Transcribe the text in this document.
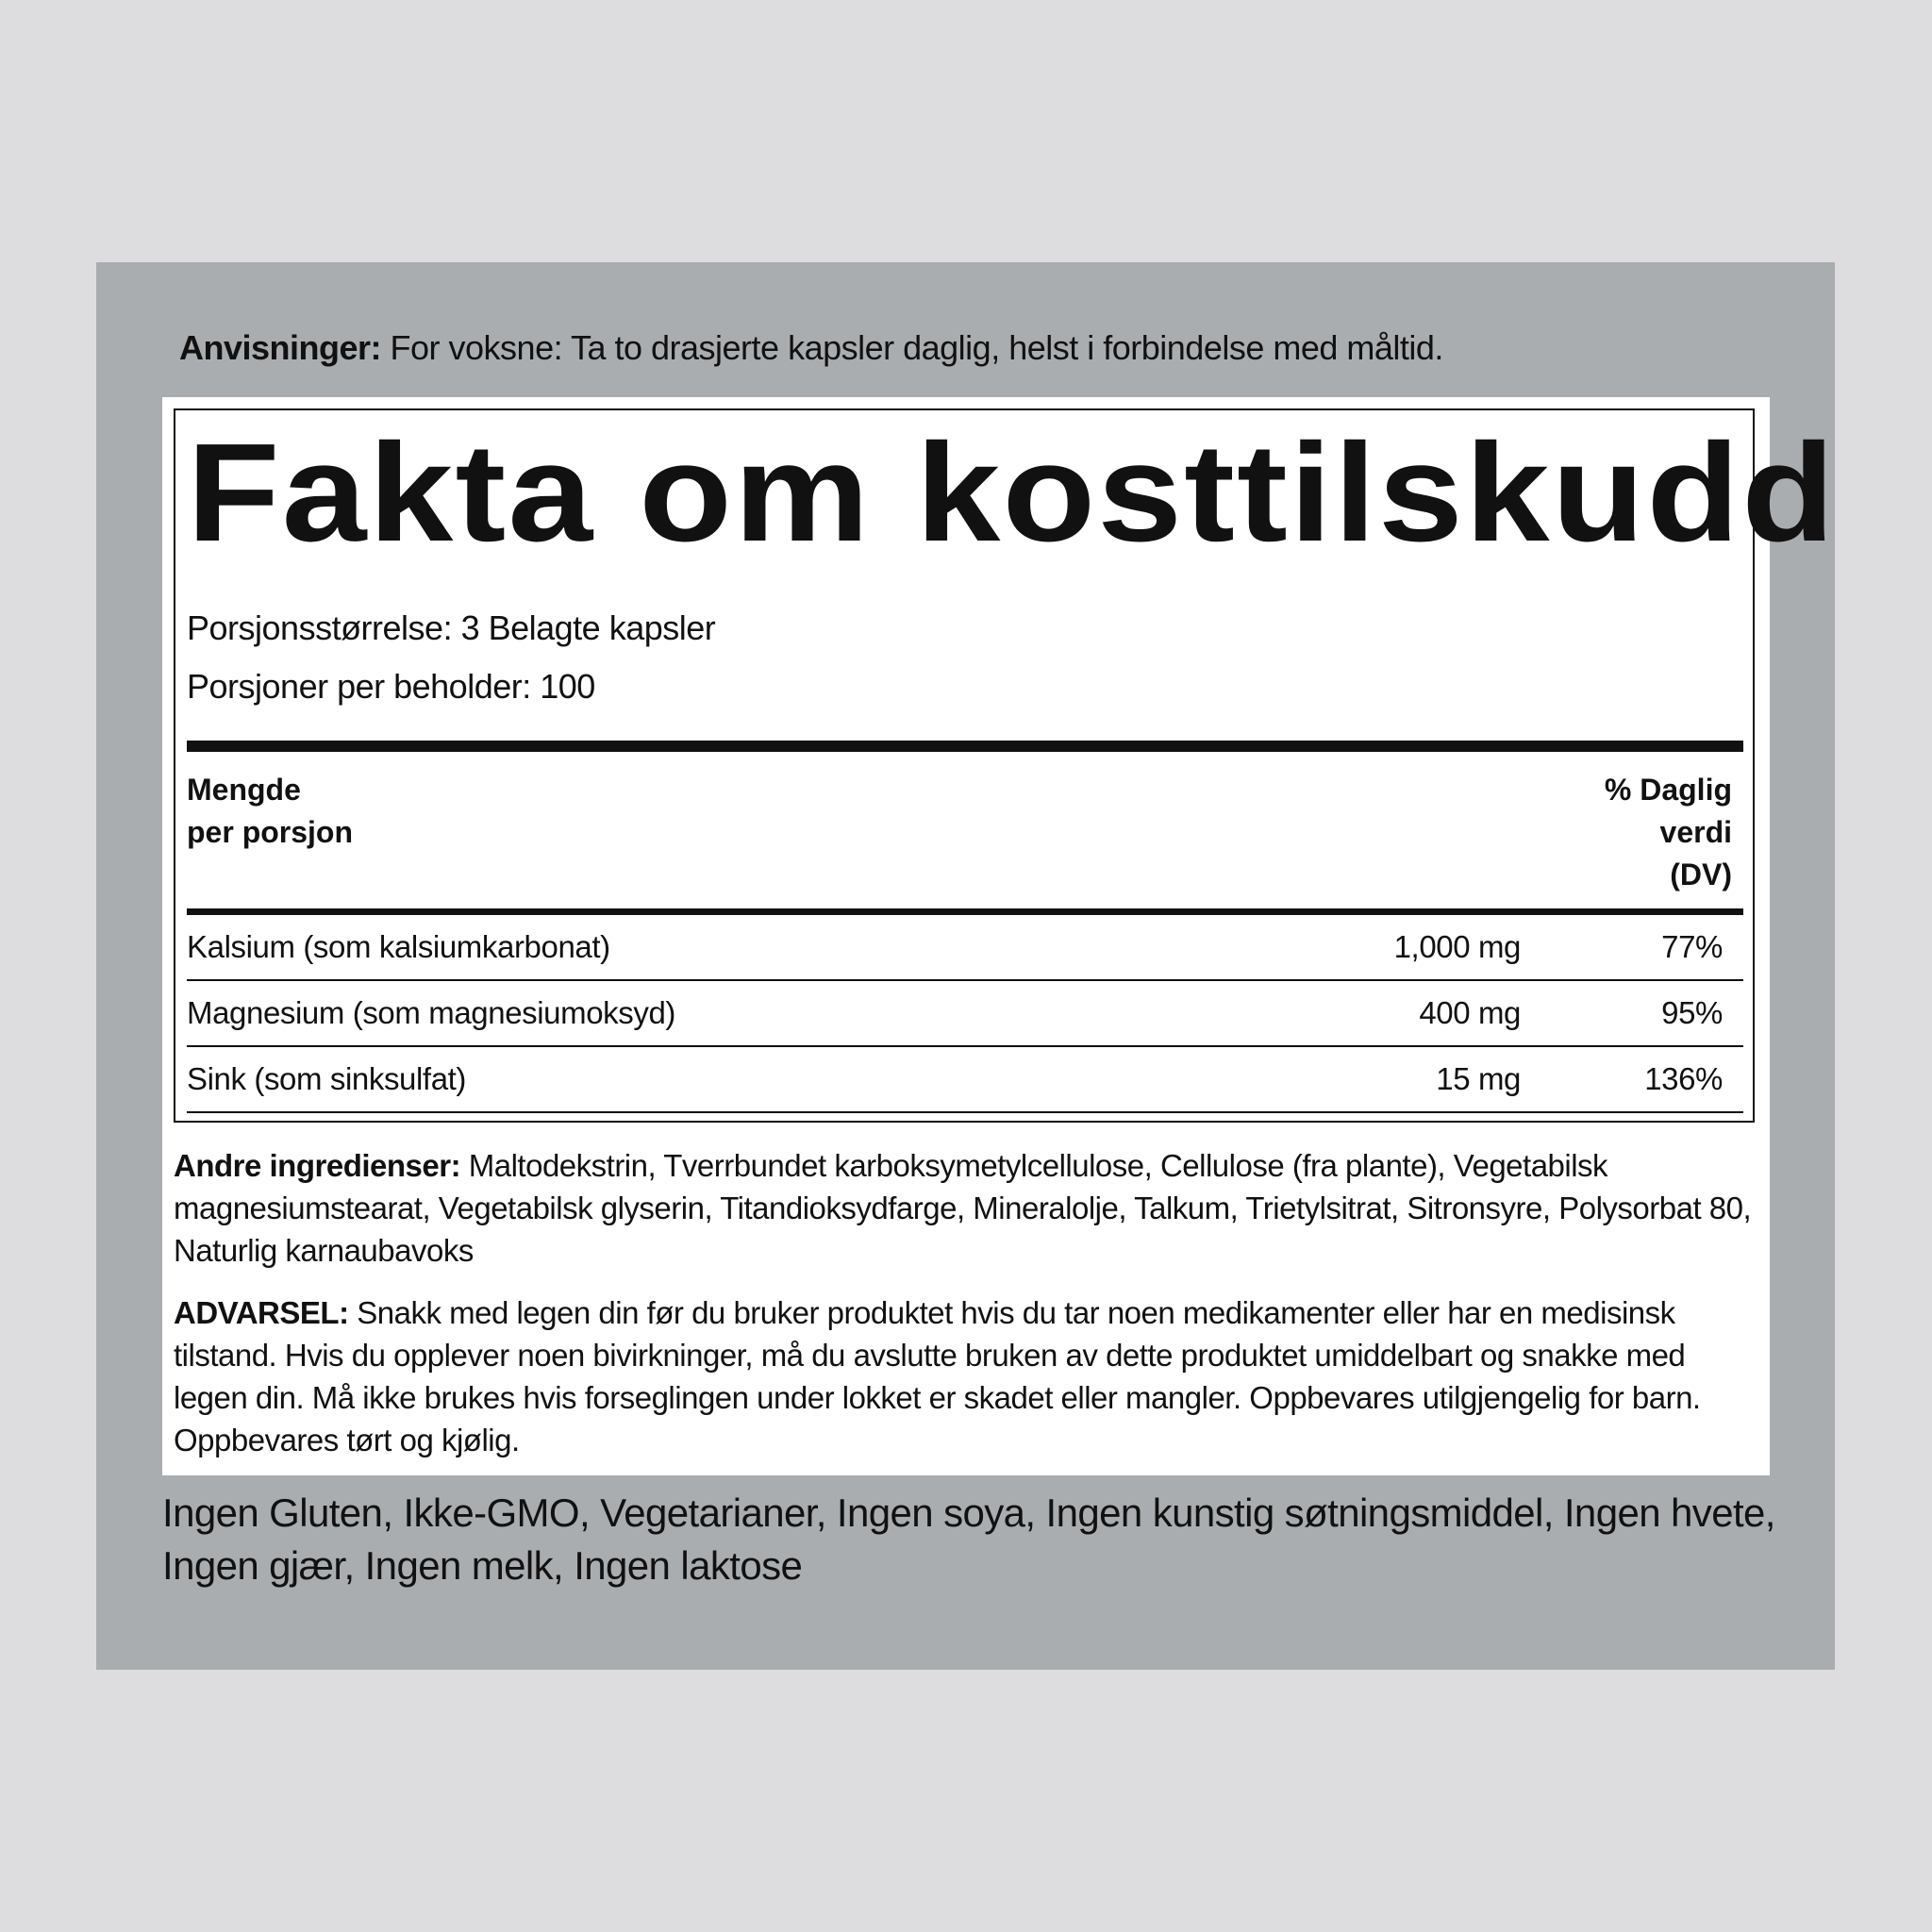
Anvisninger: For voksne: Ta to drasjerte kapsler daglig, helst i forbindelse med måltid.
Fakta om kosttilskudd
Porsjonsstørrelse: 3 Belagte kapsler
Porsjoner per beholder: 100
Mengde
per porsjon
% Daglig
verdi
(DV)
Kalsium (som kalsiumkarbonat)	1,000 mg	77%
Magnesium (som magnesiumoksyd)	400 mg	95%
Sink (som sinksulfat)	15 mg	136%
Andre ingredienser: Maltodekstrin, Tverrbundet karboksymetylcellulose, Cellulose (fra plante), Vegetabilsk magnesiumstearat, Vegetabilsk glyserin, Titandioksydfarge, Mineralolje, Talkum, Trietylsitrat, Sitronsyre, Polysorbat 80, Naturlig karnaubavoks
ADVARSEL: Snakk med legen din før du bruker produktet hvis du tar noen medikamenter eller har en medisinsk tilstand. Hvis du opplever noen bivirkninger, må du avslutte bruken av dette produktet umiddelbart og snakke med legen din. Må ikke brukes hvis forseglingen under lokket er skadet eller mangler. Oppbevares utilgjengelig for barn. Oppbevares tørt og kjølig.
Ingen Gluten, Ikke-GMO, Vegetarianer, Ingen soya, Ingen kunstig søtningsmiddel, Ingen hvete, Ingen gjær, Ingen melk, Ingen laktose
